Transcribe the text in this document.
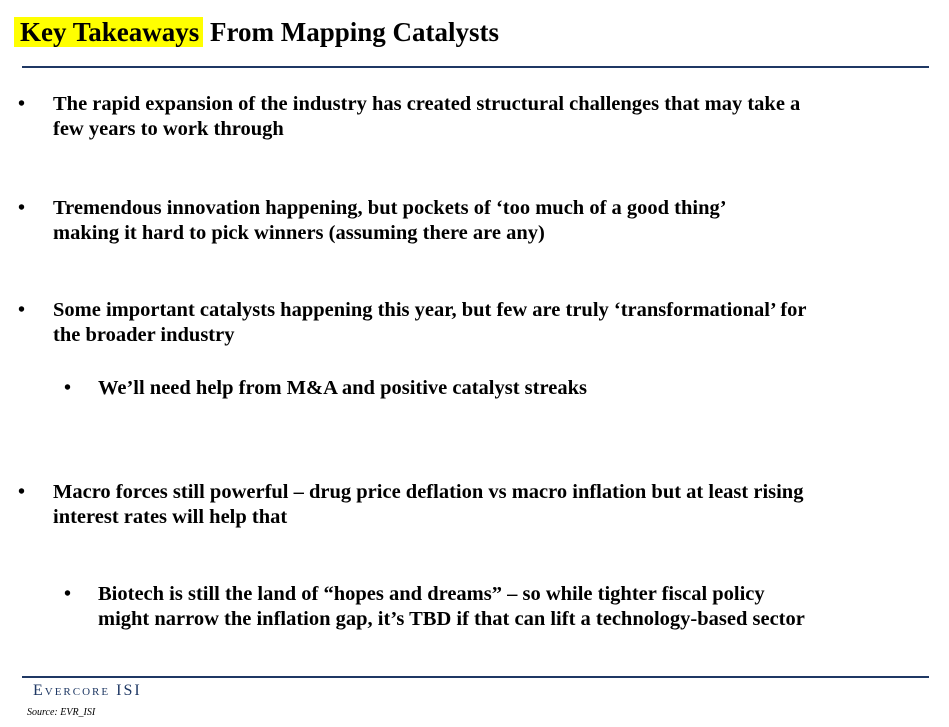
Key Takeaways From Mapping Catalysts
• The rapid expansion of the industry has created structural challenges that may take a
few years to work through
• Tremendous innovation happening, but pockets of ‘too much of a good thing’
making it hard to pick winners (assuming there are any)
• Some important catalysts happening this year, but few are truly ‘transformational’ for
the broader industry
• We’ll need help from M&A and positive catalyst streaks
• Macro forces still powerful – drug price deflation vs macro inflation but at least rising
interest rates will help that
• Biotech is still the land of “hopes and dreams” – so while tighter fiscal policy
might narrow the inflation gap, it’s TBD if that can lift a technology-based sector
Evercore ISI
Source: EVR_ISI
